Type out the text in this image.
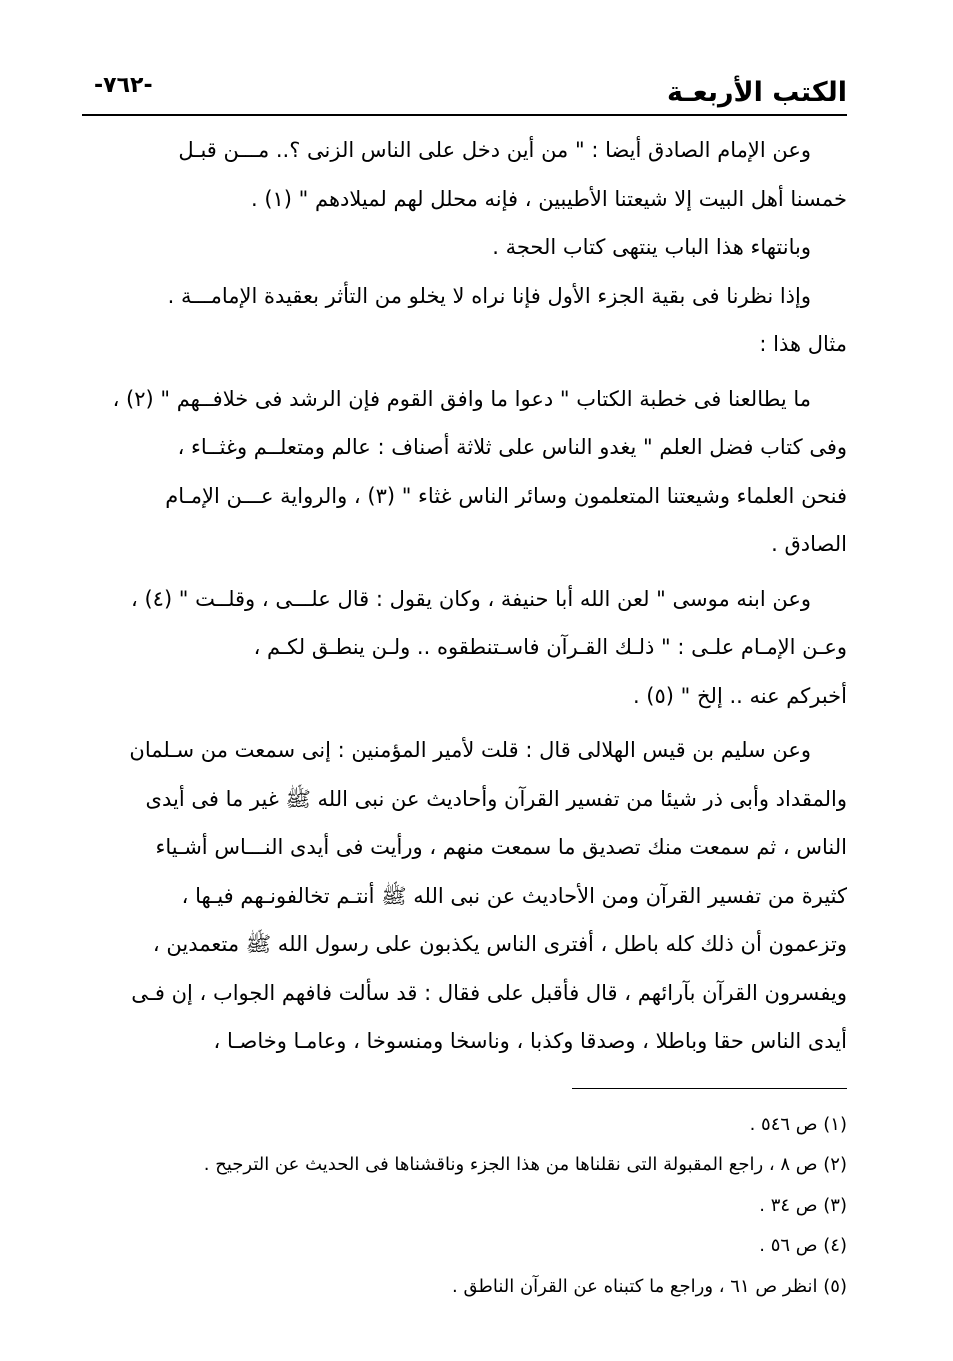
الكتب الأربعـة
-٧٦٢-

وعن الإمام الصادق أيضا : " من أين دخل على الناس الزنى ؟.. مـــن قبـل
خمسنا أهل البيت إلا شيعتنا الأطيبين ، فإنه محلل لهم لميلادهم " (١) .

وبانتهاء هذا الباب ينتهى كتاب الحجة .

وإذا نظرنا فى بقية الجزء الأول فإنا نراه لا يخلو من التأثر بعقيدة الإمامـــة .
مثال هذا :

ما يطالعنا فى خطبة الكتاب " دعوا ما وافق القوم فإن الرشد فى خلافــهم " (٢) ،
وفى كتاب فضل العلم " يغدو الناس على ثلاثة أصناف : عالم ومتعلــم وغثــاء ،
فنحن العلماء وشيعتنا المتعلمون وسائر الناس غثاء " (٣) ، والرواية عـــن الإمـام
الصادق .

وعن ابنه موسى " لعن الله أبا حنيفة ، وكان يقول : قال علـــى ، وقلــت " (٤) ،
وعـن الإمـام علـى : " ذلـك القـرآن فاسـتنطقوه .. ولـن ينطـق لكـم ،
أخبركم عنه .. إلخ " (٥) .

وعن سليم بن قيس الهلالى قال : قلت لأمير المؤمنين : إنى سمعت من سـلمان
والمقداد وأبى ذر شيئا من تفسير القرآن وأحاديث عن نبى الله ﷺ غير ما فى أيدى
الناس ، ثم سمعت منك تصديق ما سمعت منهم ، ورأيت فى أيدى النـــاس أشـياء
كثيرة من تفسير القرآن ومن الأحاديث عن نبى الله ﷺ أنتـم تخالفونـهم فيـها ،
وتزعمون أن ذلك كله باطل ، أفترى الناس يكذبون على رسول الله ﷺ متعمدين ،
ويفسرون القرآن بآرائهم ، قال فأقبل على فقال : قد سألت فافهم الجواب ، إن فـى
أيدى الناس حقا وباطلا ، وصدقا وكذبا ، وناسخا ومنسوخا ، وعامـا وخاصـا ،

(١) ص ٥٤٦ .

(٢) ص ٨ ، راجع المقبولة التى نقلناها من هذا الجزء وناقشناها فى الحديث عن الترجيح .

(٣) ص ٣٤ .

(٤) ص ٥٦ .

(٥) انظر ص ٦١ ، وراجع ما كتبناه عن القرآن الناطق .
